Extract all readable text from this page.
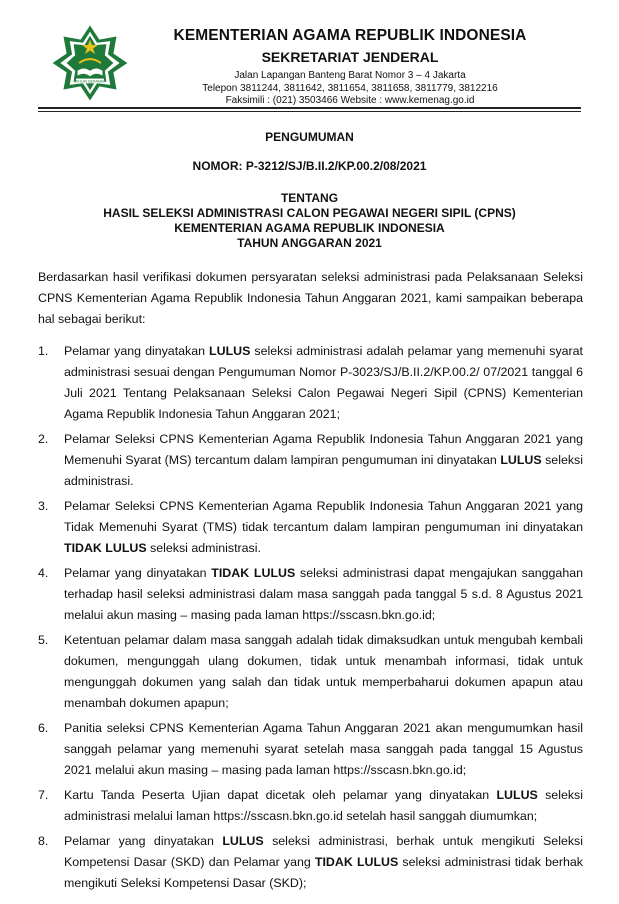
IKHLAS BERAMAL
KEMENTERIAN AGAMA REPUBLIK INDONESIA
SEKRETARIAT JENDERAL
Jalan Lapangan Banteng Barat Nomor 3 – 4 Jakarta
Telepon 3811244, 3811642, 3811654, 3811658, 3811779, 3812216
Faksimili : (021) 3503466 Website : www.kemenag.go.id
PENGUMUMAN
NOMOR: P-3212/SJ/B.II.2/KP.00.2/08/2021
TENTANG
HASIL SELEKSI ADMINISTRASI CALON PEGAWAI NEGERI SIPIL (CPNS)
KEMENTERIAN AGAMA REPUBLIK INDONESIA
TAHUN ANGGARAN 2021
Berdasarkan hasil verifikasi dokumen persyaratan seleksi administrasi pada Pelaksanaan Seleksi CPNS Kementerian Agama Republik Indonesia Tahun Anggaran 2021, kami sampaikan beberapa hal sebagai berikut:
1. Pelamar yang dinyatakan LULUS seleksi administrasi adalah pelamar yang memenuhi syarat administrasi sesuai dengan Pengumuman Nomor P-3023/SJ/B.II.2/KP.00.2/ 07/2021 tanggal 6 Juli 2021 Tentang Pelaksanaan Seleksi Calon Pegawai Negeri Sipil (CPNS) Kementerian Agama Republik Indonesia Tahun Anggaran 2021;
2. Pelamar Seleksi CPNS Kementerian Agama Republik Indonesia Tahun Anggaran 2021 yang Memenuhi Syarat (MS) tercantum dalam lampiran pengumuman ini dinyatakan LULUS seleksi administrasi.
3. Pelamar Seleksi CPNS Kementerian Agama Republik Indonesia Tahun Anggaran 2021 yang Tidak Memenuhi Syarat (TMS) tidak tercantum dalam lampiran pengumuman ini dinyatakan TIDAK LULUS seleksi administrasi.
4. Pelamar yang dinyatakan TIDAK LULUS seleksi administrasi dapat mengajukan sanggahan terhadap hasil seleksi administrasi dalam masa sanggah pada tanggal 5 s.d. 8 Agustus 2021 melalui akun masing – masing pada laman https://sscasn.bkn.go.id;
5. Ketentuan pelamar dalam masa sanggah adalah tidak dimaksudkan untuk mengubah kembali dokumen, mengunggah ulang dokumen, tidak untuk menambah informasi, tidak untuk mengunggah dokumen yang salah dan tidak untuk memperbaharui dokumen apapun atau menambah dokumen apapun;
6. Panitia seleksi CPNS Kementerian Agama Tahun Anggaran 2021 akan mengumumkan hasil sanggah pelamar yang memenuhi syarat setelah masa sanggah pada tanggal 15 Agustus 2021 melalui akun masing – masing pada laman https://sscasn.bkn.go.id;
7. Kartu Tanda Peserta Ujian dapat dicetak oleh pelamar yang dinyatakan LULUS seleksi administrasi melalui laman https://sscasn.bkn.go.id setelah hasil sanggah diumumkan;
8. Pelamar yang dinyatakan LULUS seleksi administrasi, berhak untuk mengikuti Seleksi Kompetensi Dasar (SKD) dan Pelamar yang TIDAK LULUS seleksi administrasi tidak berhak mengikuti Seleksi Kompetensi Dasar (SKD);
